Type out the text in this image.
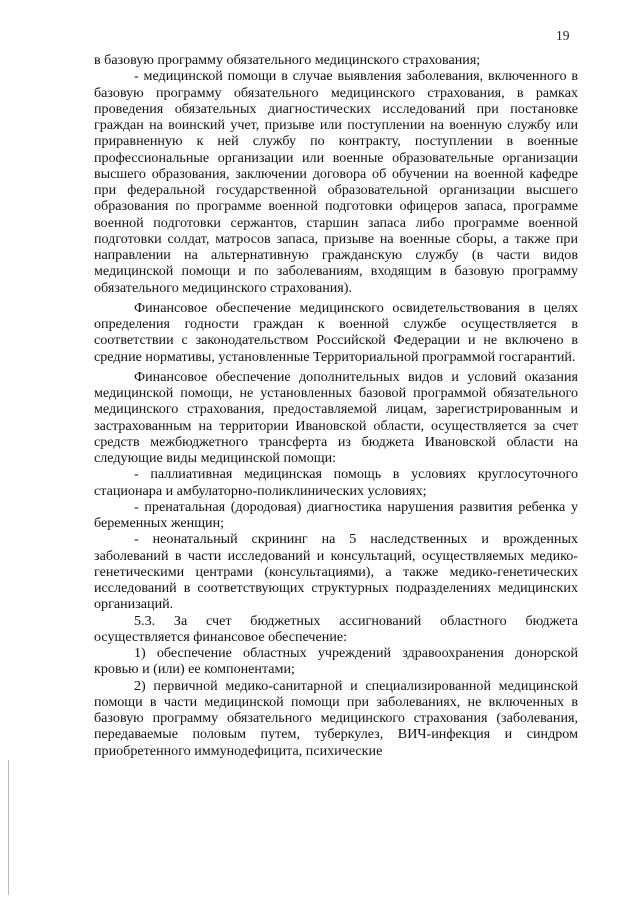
19

в базовую программу обязательного медицинского страхования;

- медицинской помощи в случае выявления заболевания, включенного в базовую программу обязательного медицинского страхования, в рамках проведения обязательных диагностических исследований при постановке граждан на воинский учет, призыве или поступлении на военную службу или приравненную к ней службу по контракту, поступлении в военные профессиональные организации или военные образовательные организации высшего образования, заключении договора об обучении на военной кафедре при федеральной государственной образовательной организации высшего образования по программе военной подготовки офицеров запаса, программе военной подготовки сержантов, старшин запаса либо программе военной подготовки солдат, матросов запаса, призыве на военные сборы, а также при направлении на альтернативную гражданскую службу (в части видов медицинской помощи и по заболеваниям, входящим в базовую программу обязательного медицинского страхования).

Финансовое обеспечение медицинского освидетельствования в целях определения годности граждан к военной службе осуществляется в соответствии с законодательством Российской Федерации и не включено в средние нормативы, установленные Территориальной программой госгарантий.

Финансовое обеспечение дополнительных видов и условий оказания медицинской помощи, не установленных базовой программой обязательного медицинского страхования, предоставляемой лицам, зарегистрированным и застрахованным на территории Ивановской области, осуществляется за счет средств межбюджетного трансферта из бюджета Ивановской области на следующие виды медицинской помощи:

- паллиативная медицинская помощь в условиях круглосуточного стационара и амбулаторно-поликлинических условиях;

- пренатальная (дородовая) диагностика нарушения развития ребенка у беременных женщин;

- неонатальный скрининг на 5 наследственных и врожденных заболеваний в части исследований и консультаций, осуществляемых медико-генетическими центрами (консультациями), а также медико-генетических исследований в соответствующих структурных подразделениях медицинских организаций.

5.3. За счет бюджетных ассигнований областного бюджета осуществляется финансовое обеспечение:

1) обеспечение областных учреждений здравоохранения донорской кровью и (или) ее компонентами;

2) первичной медико-санитарной и специализированной медицинской помощи в части медицинской помощи при заболеваниях, не включенных в базовую программу обязательного медицинского страхования (заболевания, передаваемые половым путем, туберкулез, ВИЧ-инфекция и синдром приобретенного иммунодефицита, психические
